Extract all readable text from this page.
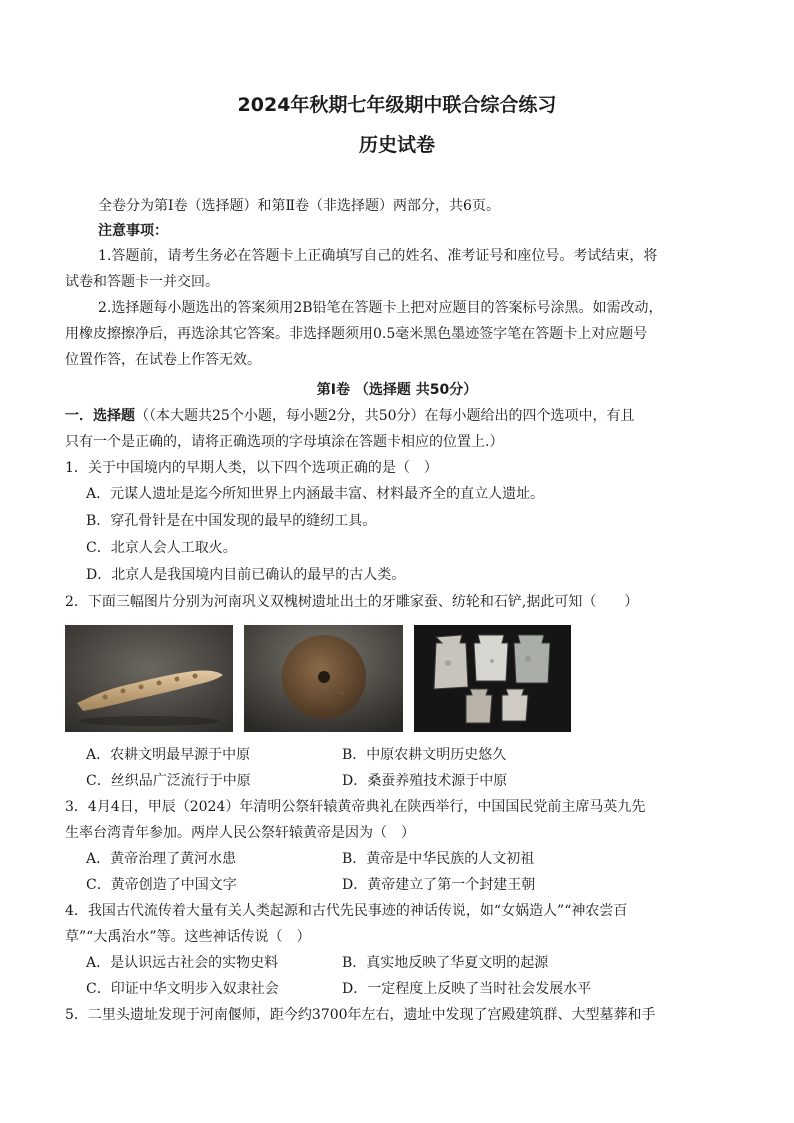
2024年秋期七年级期中联合综合练习
历史试卷
全卷分为第Ⅰ卷（选择题）和第Ⅱ卷（非选择题）两部分，共6页。
注意事项：
1.答题前，请考生务必在答题卡上正确填写自己的姓名、准考证号和座位号。考试结束，将
试卷和答题卡一并交回。
2.选择题每小题选出的答案须用2B铅笔在答题卡上把对应题目的答案标号涂黑。如需改动，
用橡皮擦擦净后，再选涂其它答案。非选择题须用0.5毫米黑色墨迹签字笔在答题卡上对应题号
位置作答，在试卷上作答无效。
第Ⅰ卷 （选择题 共50分）
一．选择题（（本大题共25个小题，每小题2分，共50分）在每小题给出的四个选项中，有且
只有一个是正确的，请将正确选项的字母填涂在答题卡相应的位置上.）
1．关于中国境内的早期人类，以下四个选项正确的是（　）
A．元谋人遗址是迄今所知世界上内涵最丰富、材料最齐全的直立人遗址。
B．穿孔骨针是在中国发现的最早的缝纫工具。
C．北京人会人工取火。
D．北京人是我国境内目前已确认的最早的古人类。
2．下面三幅图片分别为河南巩义双槐树遗址出土的牙雕家蚕、纺轮和石铲,据此可知（　　）
A．农耕文明最早源于中原	B．中原农耕文明历史悠久
C．丝织品广泛流行于中原	D．桑蚕养殖技术源于中原
3．4月4日，甲辰（2024）年清明公祭轩辕黄帝典礼在陕西举行，中国国民党前主席马英九先
生率台湾青年参加。两岸人民公祭轩辕黄帝是因为（　）
A．黄帝治理了黄河水患	B．黄帝是中华民族的人文初祖
C．黄帝创造了中国文字	D．黄帝建立了第一个封建王朝
4．我国古代流传着大量有关人类起源和古代先民事迹的神话传说，如“女娲造人”“神农尝百
草”“大禹治水”等。这些神话传说（　）
A．是认识远古社会的实物史料	B．真实地反映了华夏文明的起源
C．印证中华文明步入奴隶社会	D．一定程度上反映了当时社会发展水平
5．二里头遗址发现于河南偃师，距今约3700年左右，遗址中发现了宫殿建筑群、大型墓葬和手
